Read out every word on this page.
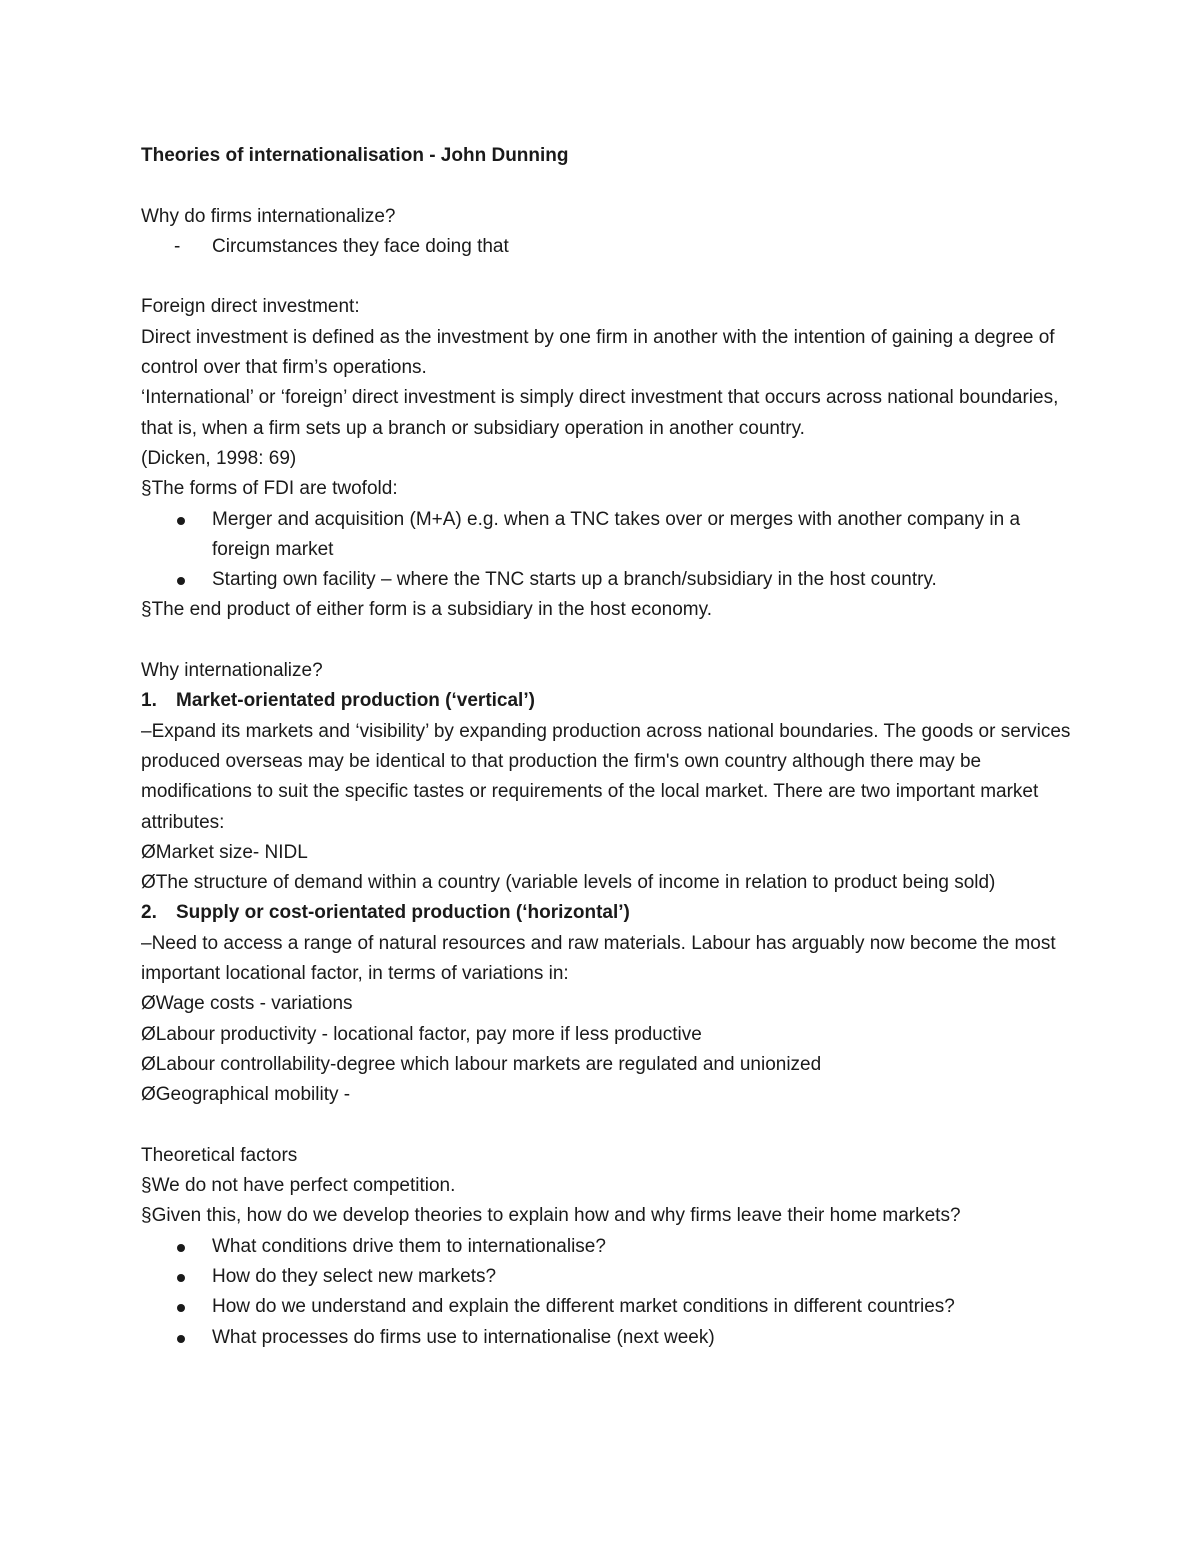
Theories of internationalisation - John Dunning

Why do firms internationalize?

- Circumstances they face doing that

Foreign direct investment:

Direct investment is defined as the investment by one firm in another with the intention of gaining a degree of control over that firm’s operations.

‘International’ or ‘foreign’ direct investment is simply direct investment that occurs across national boundaries, that is, when a firm sets up a branch or subsidiary operation in another country.

(Dicken, 1998: 69)

§The forms of FDI are twofold:

Merger and acquisition (M+A) e.g. when a TNC takes over or merges with another company in a foreign market
Starting own facility – where the TNC starts up a branch/subsidiary in the host country.

§The end product of either form is a subsidiary in the host economy.

Why internationalize?

1. Market-orientated production (‘vertical’)

–Expand its markets and ‘visibility’ by expanding production across national boundaries. The goods or services produced overseas may be identical to that production the firm's own country although there may be modifications to suit the specific tastes or requirements of the local market. There are two important market attributes:

ØMarket size- NIDL

ØThe structure of demand within a country (variable levels of income in relation to product being sold)

2. Supply or cost-orientated production (‘horizontal’)

–Need to access a range of natural resources and raw materials. Labour has arguably now become the most important locational factor, in terms of variations in:

ØWage costs - variations

ØLabour productivity - locational factor, pay more if less productive

ØLabour controllability-degree which labour markets are regulated and unionized

ØGeographical mobility -

Theoretical factors

§We do not have perfect competition.

§Given this, how do we develop theories to explain how and why firms leave their home markets?

What conditions drive them to internationalise?
How do they select new markets?
How do we understand and explain the different market conditions in different countries?
What processes do firms use to internationalise (next week)
